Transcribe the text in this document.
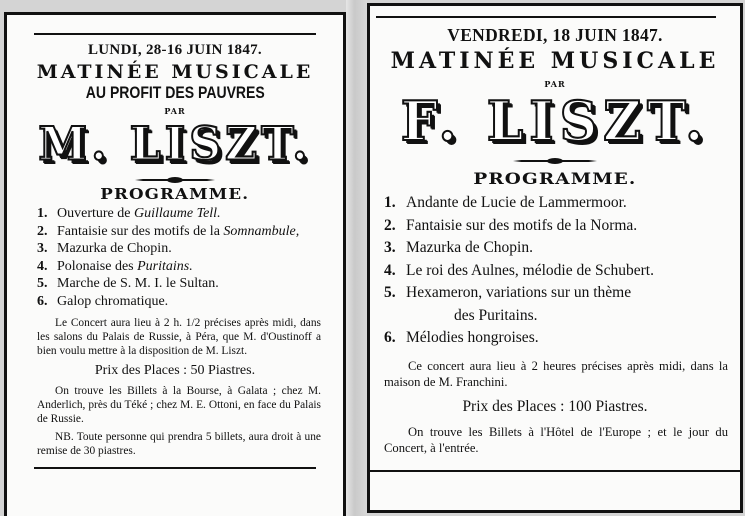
LUNDI, 28-16 JUIN 1847.
MATINÉE MUSICALE
AU PROFIT DES PAUVRES
PAR
M. LISZT.
PROGRAMME.
1. Ouverture de Guillaume Tell.
2. Fantaisie sur des motifs de la Somnambule,
3. Mazurka de Chopin.
4. Polonaise des Puritains.
5. Marche de S. M. I. le Sultan.
6. Galop chromatique.
Le Concert aura lieu à 2 h. 1/2 précises après midi, dans les salons du Palais de Russie, à Péra, que M. d'Oustinoff a bien voulu mettre à la disposition de M. Liszt.
Prix des Places : 50 Piastres.
On trouve les Billets à la Bourse, à Galata ; chez M. Anderlich, près du Téké ; chez M. E. Ottoni, en face du Palais de Russie.
NB. Toute personne qui prendra 5 billets, aura droit à une remise de 30 piastres.
VENDREDI, 18 JUIN 1847.
MATINÉE MUSICALE
PAR
F. LISZT.
PROGRAMME.
1. Andante de Lucie de Lammermoor.
2. Fantaisie sur des motifs de la Norma.
3. Mazurka de Chopin.
4. Le roi des Aulnes, mélodie de Schubert.
5. Hexameron, variations sur un thème
des Puritains.
6. Mélodies hongroises.
Ce concert aura lieu à 2 heures précises après midi, dans la maison de M. Franchini.
Prix des Places : 100 Piastres.
On trouve les Billets à l'Hôtel de l'Europe ; et le jour du Concert, à l'entrée.
